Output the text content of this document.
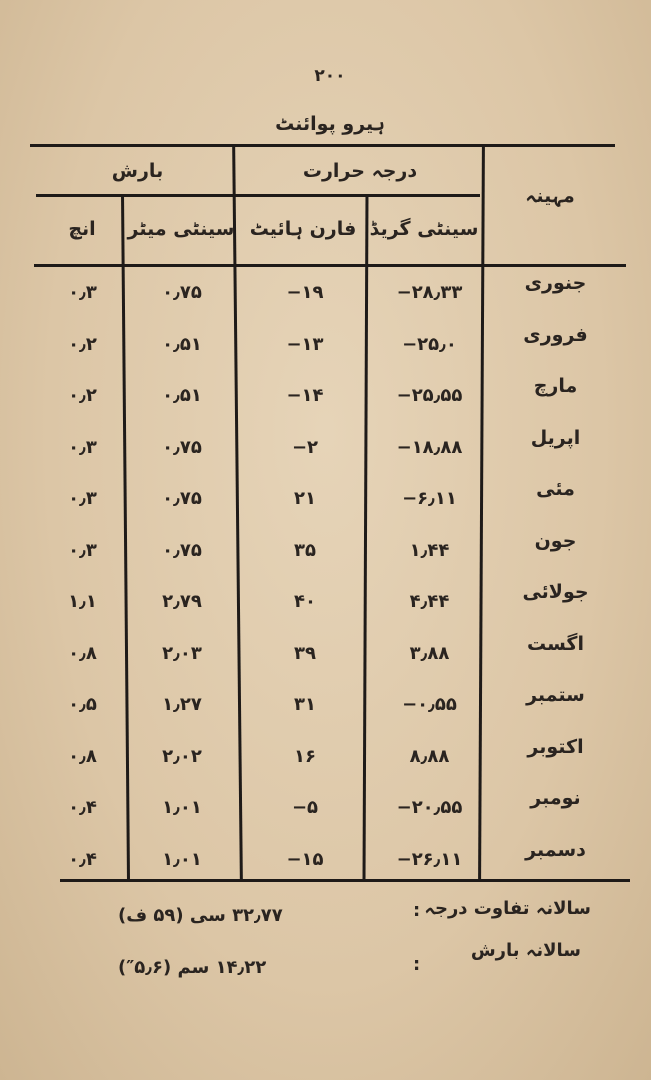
۲۰۰
ہیرو پوائنٹ
مہینہ
درجہ حرارت
بارش
سینٹی گریڈ
فارن ہائیٹ
سینٹی میٹر
انچ
جنوری
−۲۸٫۳۳
−۱۹
۰٫۷۵
۰٫۳
فروری
−۲۵٫۰
−۱۳
۰٫۵۱
۰٫۲
مارچ
−۲۵٫۵۵
−۱۴
۰٫۵۱
۰٫۲
اپریل
−۱۸٫۸۸
−۲
۰٫۷۵
۰٫۳
مئی
−۶٫۱۱
۲۱
۰٫۷۵
۰٫۳
جون
۱٫۴۴
۳۵
۰٫۷۵
۰٫۳
جولائی
۴٫۴۴
۴۰
۲٫۷۹
۱٫۱
اگست
۳٫۸۸
۳۹
۲٫۰۳
۰٫۸
ستمبر
−۰٫۵۵
۳۱
۱٫۲۷
۰٫۵
اکتوبر
۸٫۸۸
۱۶
۲٫۰۲
۰٫۸
نومبر
−۲۰٫۵۵
−۵
۱٫۰۱
۰٫۴
دسمبر
−۲۶٫۱۱
−۱۵
۱٫۰۱
۰٫۴
سالانہ تفاوت درجہ
:
۳۲٫۷۷ سی (۵۹ ف)
سالانہ بارش
:
۱۴٫۲۲ سم (۵٫۶″)
